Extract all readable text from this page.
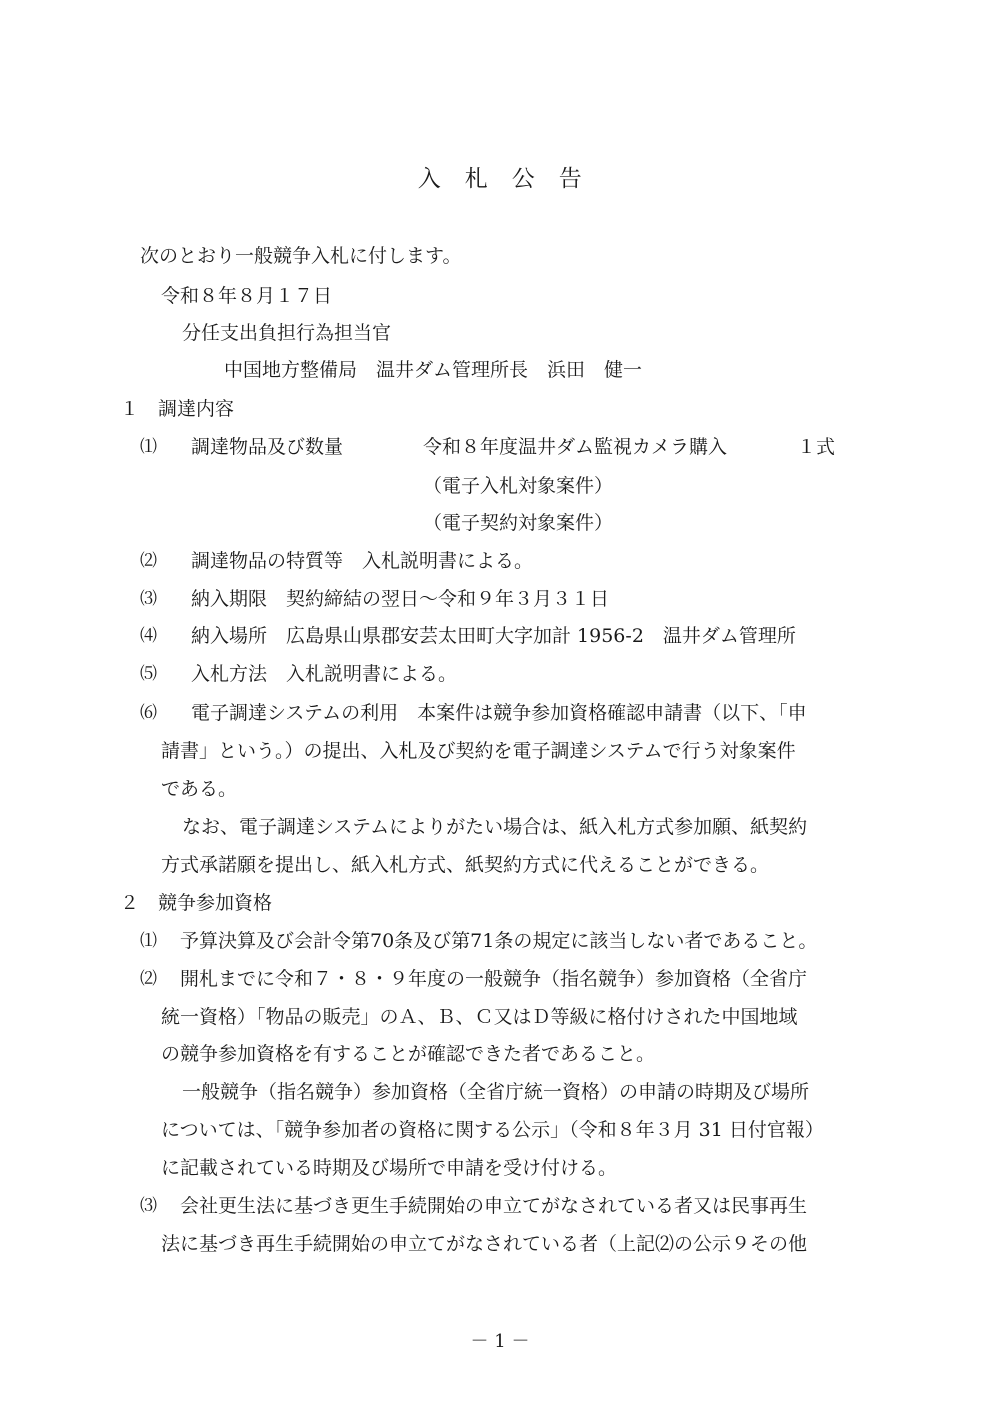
入　札　公　告
次のとおり一般競争入札に付します。
令和８年８月１７日
分任支出負担行為担当官
中国地方整備局　温井ダム管理所長　浜田　健一
１　調達内容
⑴ 調達物品及び数量	令和８年度温井ダム監視カメラ購入	１式
（電子入札対象案件）
（電子契約対象案件）
⑵ 調達物品の特質等　入札説明書による。
⑶ 納入期限　契約締結の翌日～令和９年３月３１日
⑷ 納入場所　広島県山県郡安芸太田町大字加計 1956-2　温井ダム管理所
⑸ 入札方法　入札説明書による。
⑹ 電子調達システムの利用　本案件は競争参加資格確認申請書（以下、「申
請書」という。）の提出、入札及び契約を電子調達システムで行う対象案件
である。
なお、電子調達システムによりがたい場合は、紙入札方式参加願、紙契約
方式承諾願を提出し、紙入札方式、紙契約方式に代えることができる。
２　競争参加資格
⑴ 予算決算及び会計令第70条及び第71条の規定に該当しない者であること。
⑵ 開札までに令和７・８・９年度の一般競争（指名競争）参加資格（全省庁
統一資格）「物品の販売」のＡ、Ｂ、Ｃ又はＤ等級に格付けされた中国地域
の競争参加資格を有することが確認できた者であること。
一般競争（指名競争）参加資格（全省庁統一資格）の申請の時期及び場所
については、「競争参加者の資格に関する公示」（令和８年３月 31 日付官報）
に記載されている時期及び場所で申請を受け付ける。
⑶ 会社更生法に基づき更生手続開始の申立てがなされている者又は民事再生
法に基づき再生手続開始の申立てがなされている者（上記⑵の公示９その他
－ 1 －
